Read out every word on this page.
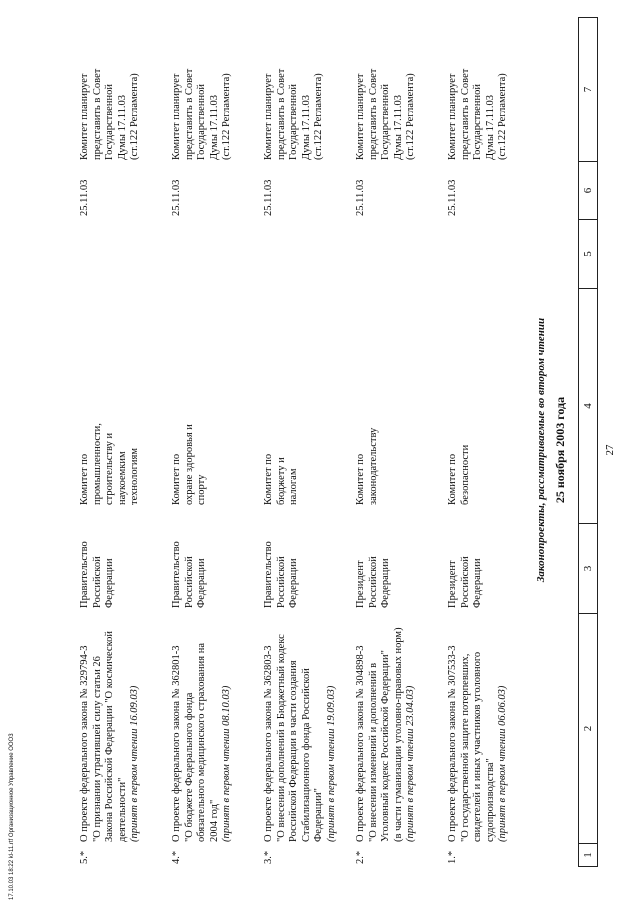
27
1
2
3
4
5
6
7
25 ноября 2003 года
Законопроекты, рассматриваемые во втором чтении
1.*
О проекте федерального закона № 307533-3 "О государственной защите потерпевших, свидетелей и иных участников уголовного судопроизводства" (принят в первом чтении 06.06.03)
Президент Российской Федерации
Комитет по безопасности
25.11.03
Комитет планирует представить в Совет Государственной Думы 17.11.03 (ст.122 Регламента)
2.*
О проекте федерального закона № 304898-3 "О внесении изменений и дополнений в Уголовный кодекс Российской Федерации" (в части гуманизации уголовно-правовых норм) (принят в первом чтении 23.04.03)
Президент Российской Федерации
Комитет по законодательству
25.11.03
Комитет планирует представить в Совет Государственной Думы 17.11.03 (ст.122 Регламента)
3.*
О проекте федерального закона № 362803-3 "О внесении дополнений в Бюджетный кодекс Российской Федерации в части создания Стабилизационного фонда Российской Федерации" (принят в первом чтении 19.09.03)
Правительство Российской Федерации
Комитет по бюджету и налогам
25.11.03
Комитет планирует представить в Совет Государственной Думы 17.11.03 (ст.122 Регламента)
4.*
О проекте федерального закона № 362801-3 "О бюджете Федерального фонда обязательного медицинского страхования на 2004 год" (принят в первом чтении 08.10.03)
Правительство Российской Федерации
Комитет по охране здоровья и спорту
25.11.03
Комитет планирует представить в Совет Государственной Думы 17.11.03 (ст.122 Регламента)
5.*
О проекте федерального закона № 329794-3 "О признании утратившей силу статьи 26 Закона Российской Федерации "О космической деятельности" (принят в первом чтении 16.09.03)
Правительство Российской Федерации
Комитет по промышленности, строительству и наукоемким технологиям
25.11.03
Комитет планирует представить в Совет Государственной Думы 17.11.03 (ст.122 Регламента)
17.10.03 18:22 kl-11.rtf Организационное Управление ООО3
